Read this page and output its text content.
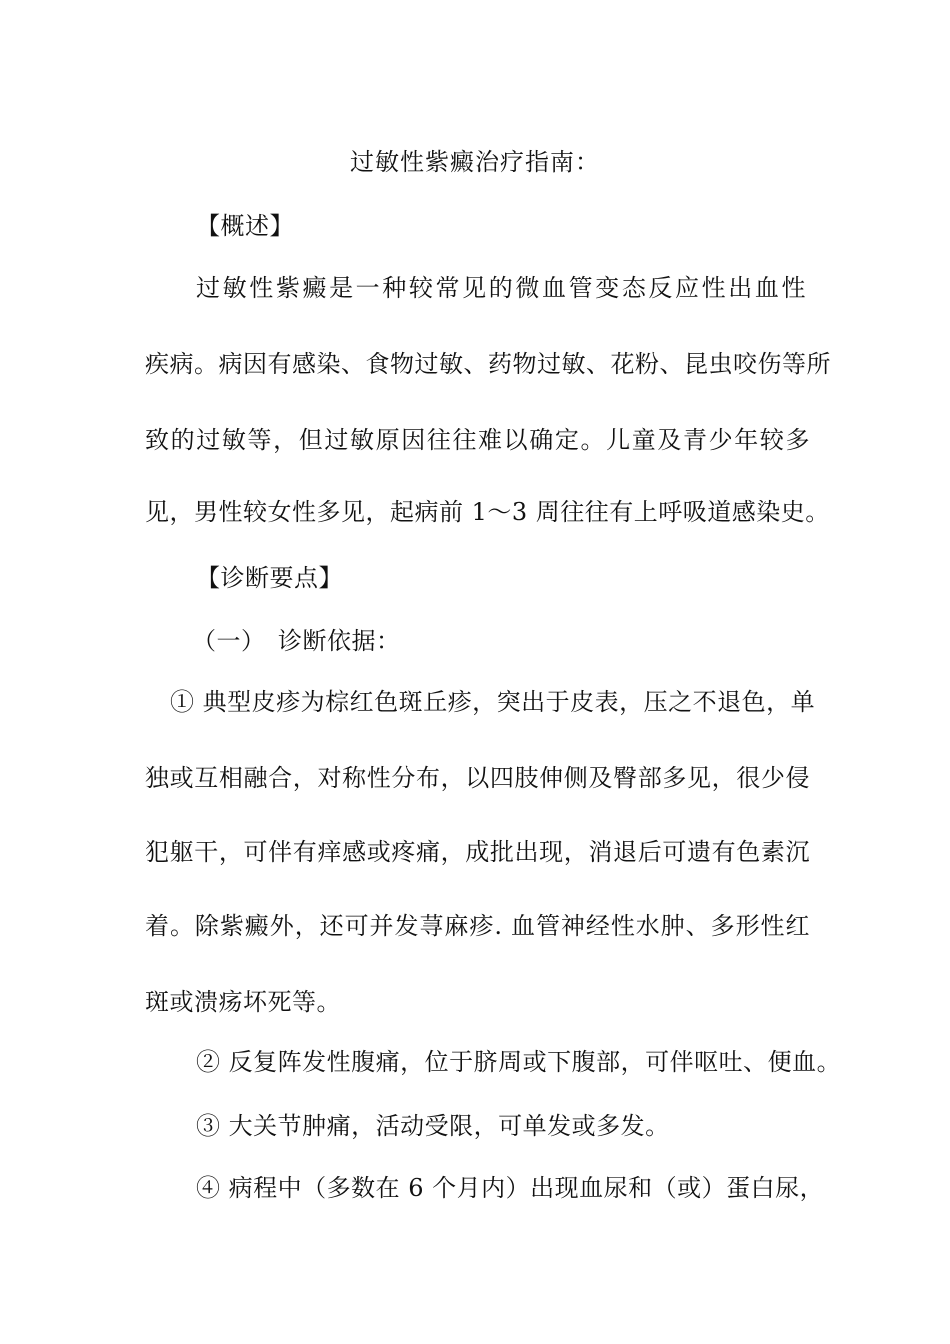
过敏性紫癜治疗指南：
【概述】
过敏性紫癜是一种较常见的微血管变态反应性出血性
疾病。病因有感染、食物过敏、药物过敏、花粉、昆虫咬伤等所
致的过敏等，但过敏原因往往难以确定。儿童及青少年较多
见，男性较女性多见，起病前 1～3 周往往有上呼吸道感染史。
【诊断要点】
（一）　诊断依据：
① 典型皮疹为棕红色斑丘疹，突出于皮表，压之不退色，单
独或互相融合，对称性分布，以四肢伸侧及臀部多见，很少侵
犯躯干，可伴有痒感或疼痛，成批出现，消退后可遗有色素沉
着。除紫癜外，还可并发荨麻疹. 血管神经性水肿、多形性红
斑或溃疡坏死等。
② 反复阵发性腹痛，位于脐周或下腹部，可伴呕吐、便血。
③ 大关节肿痛，活动受限，可单发或多发。
④ 病程中（多数在 6 个月内）出现血尿和（或）蛋白尿，
